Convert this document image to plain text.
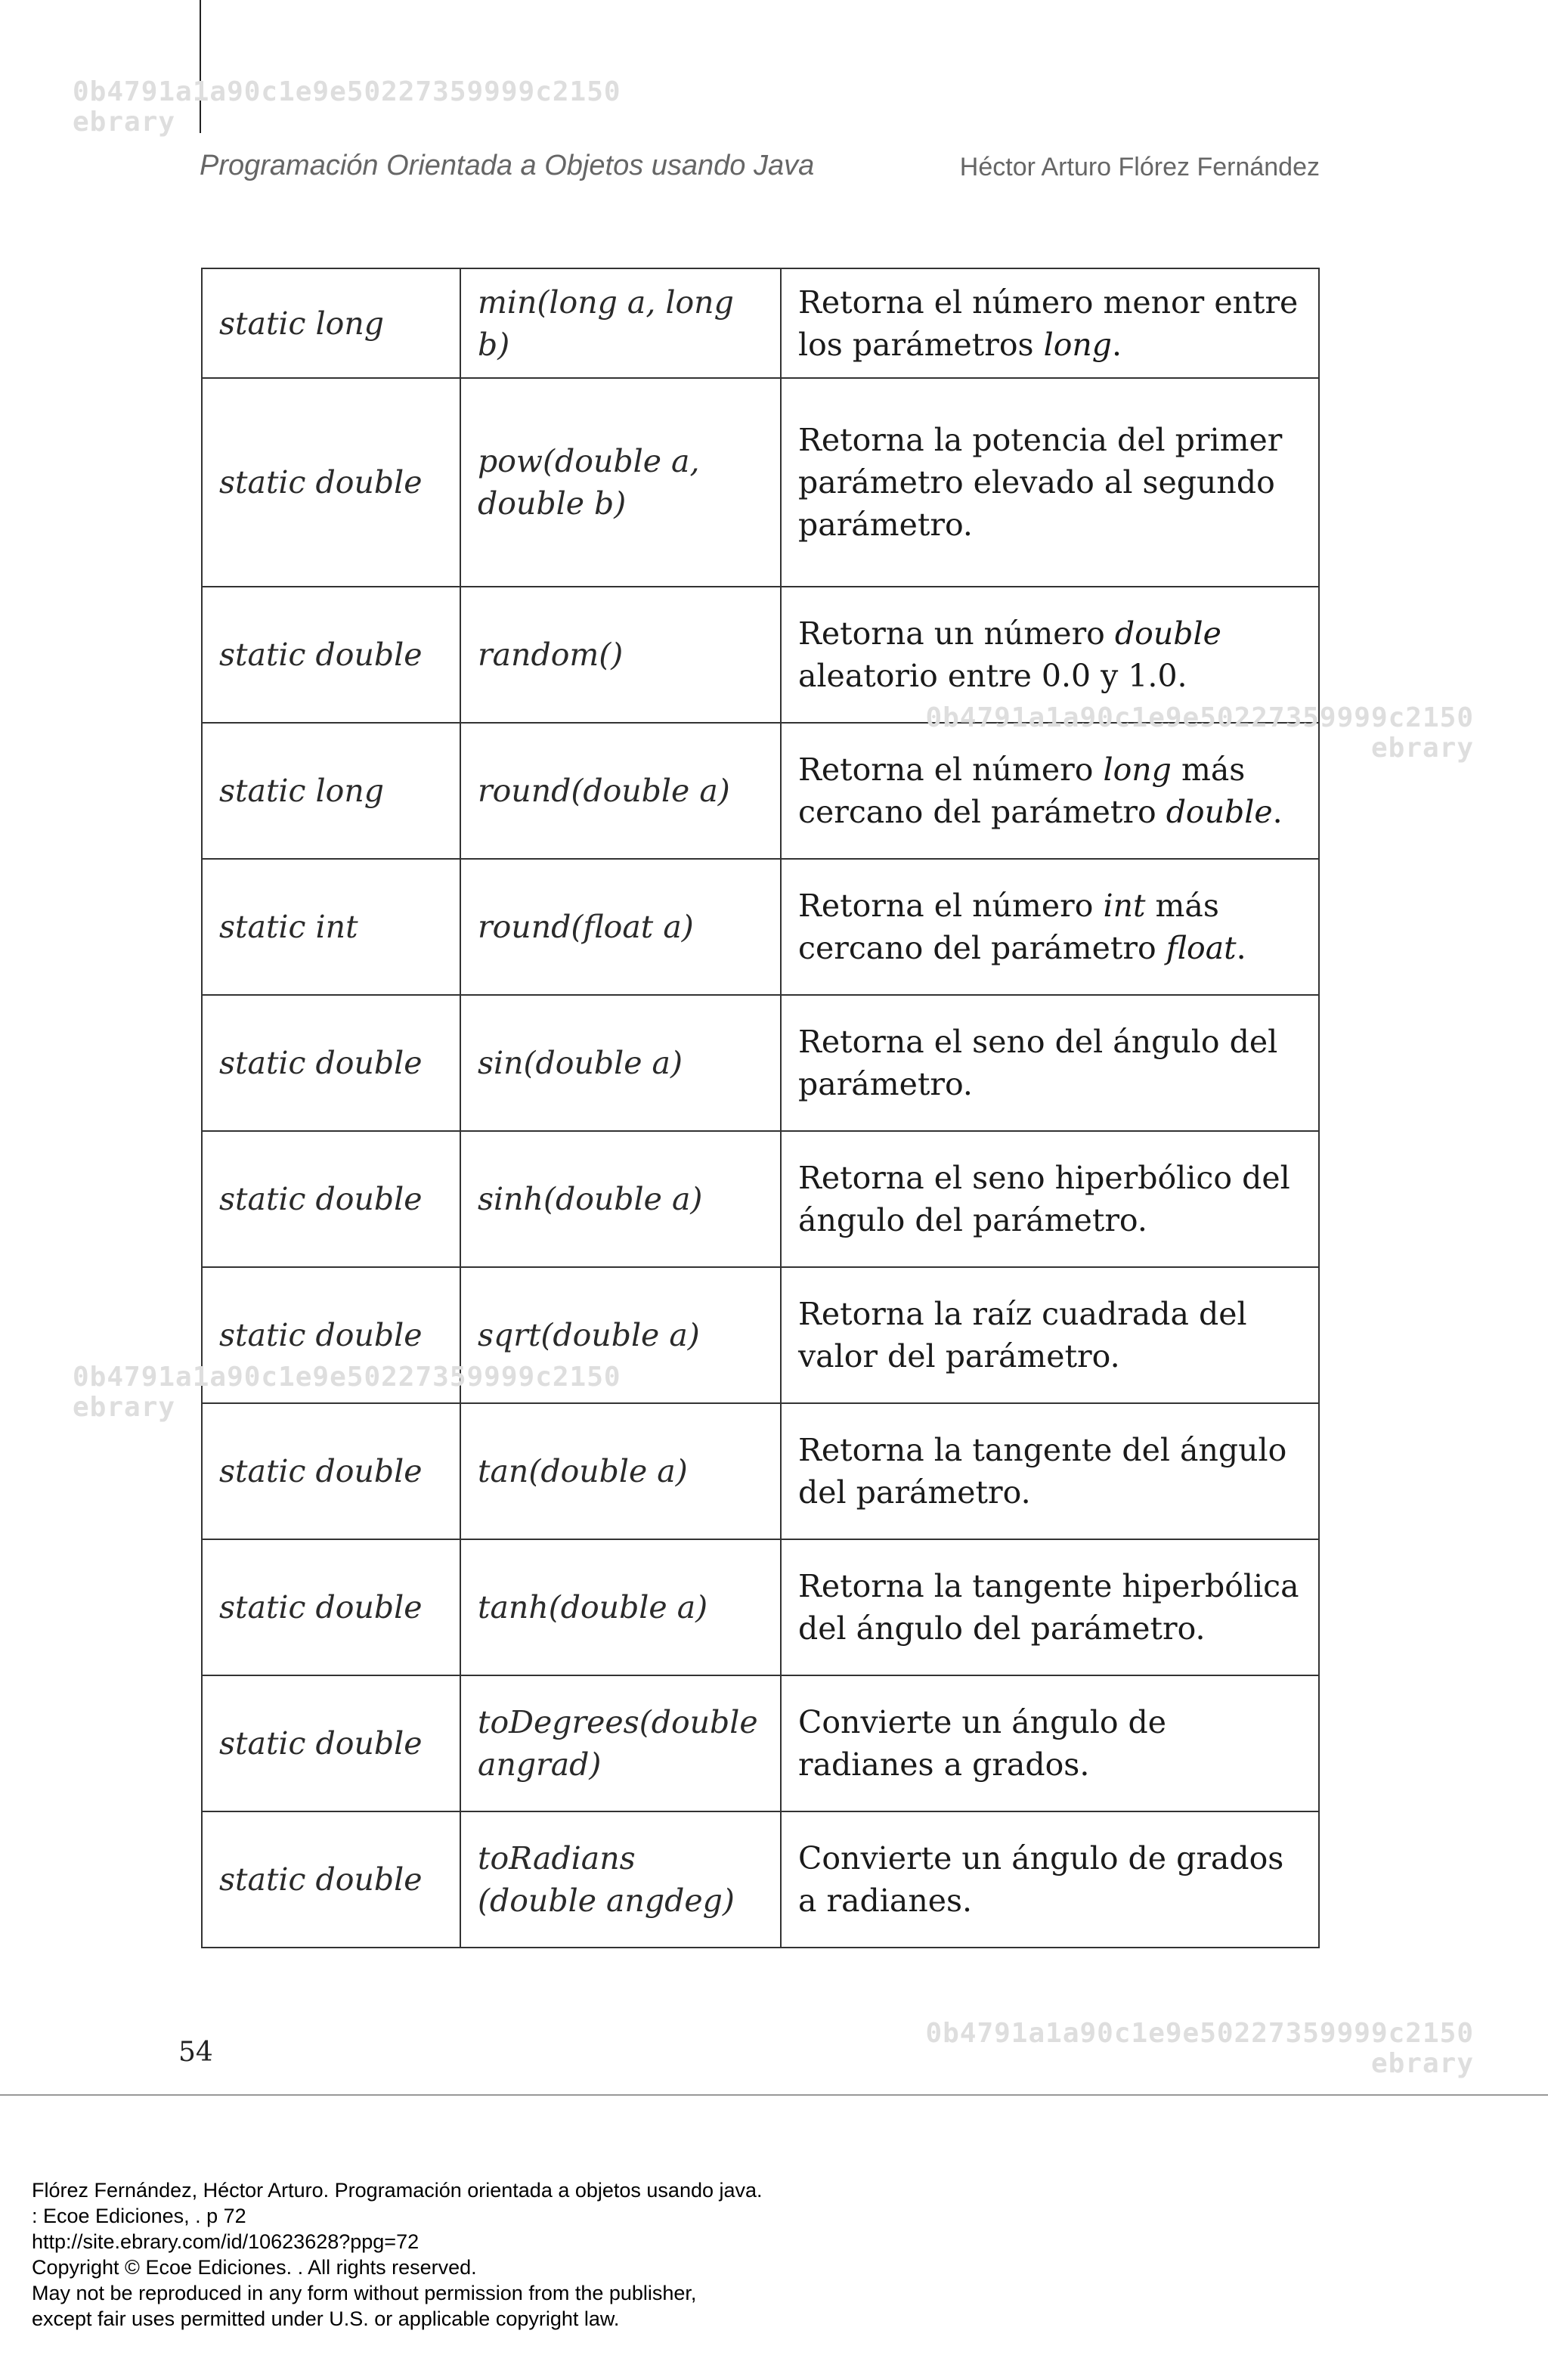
0b4791a1a90c1e9e50227359999c2150
ebrary
Programación Orientada a Objetos usando Java	Héctor Arturo Flórez Fernández
static long	min(long a, long b)	Retorna el número menor entre los parámetros long.
static double	pow(double a, double b)	Retorna la potencia del primer parámetro elevado al segundo parámetro.
static double	random()	Retorna un número double aleatorio entre 0.0 y 1.0.
static long	round(double a)	Retorna el número long más cercano del parámetro double.
static int	round(float a)	Retorna el número int más cercano del parámetro float.
static double	sin(double a)	Retorna el seno del ángulo del parámetro.
static double	sinh(double a)	Retorna el seno hiperbólico del ángulo del parámetro.
static double	sqrt(double a)	Retorna la raíz cuadrada del valor del parámetro.
static double	tan(double a)	Retorna la tangente del ángulo del parámetro.
static double	tanh(double a)	Retorna la tangente hiperbólica del ángulo del parámetro.
static double	toDegrees(double angrad)	Convierte un ángulo de radianes a grados.
static double	toRadians (double angdeg)	Convierte un ángulo de grados a radianes.
0b4791a1a90c1e9e50227359999c2150
ebrary
0b4791a1a90c1e9e50227359999c2150
ebrary
0b4791a1a90c1e9e50227359999c2150
ebrary
54
Flórez Fernández, Héctor Arturo. Programación orientada a objetos usando java.
: Ecoe Ediciones, . p 72
http://site.ebrary.com/id/10623628?ppg=72
Copyright © Ecoe Ediciones. . All rights reserved.
May not be reproduced in any form without permission from the publisher,
except fair uses permitted under U.S. or applicable copyright law.
